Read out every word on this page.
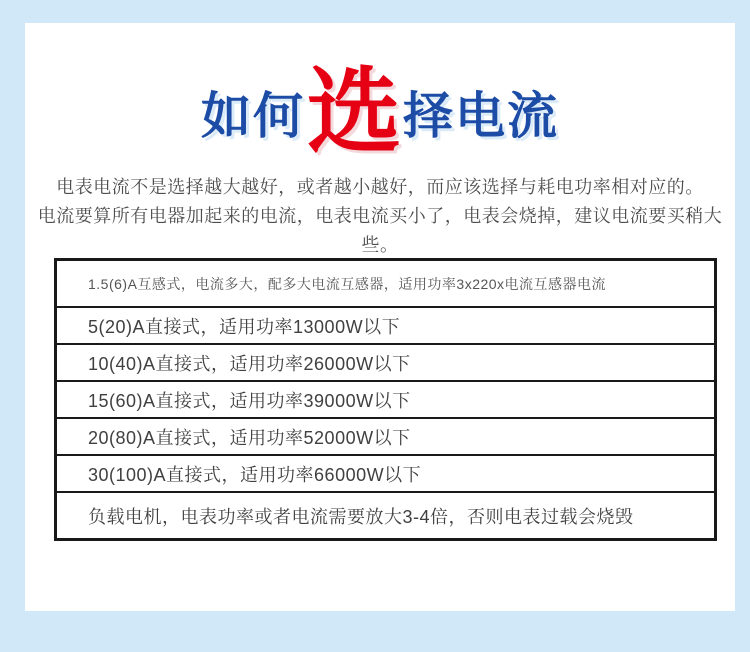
如何 选 择电流
电表电流不是选择越大越好，或者越小越好，而应该选择与耗电功率相对应的。
电流要算所有电器加起来的电流，电表电流买小了，电表会烧掉，建议电流要买稍大些。
1.5(6)A互感式，电流多大，配多大电流互感器，适用功率3x220x电流互感器电流
5(20)A直接式，适用功率13000W以下
10(40)A直接式，适用功率26000W以下
15(60)A直接式，适用功率39000W以下
20(80)A直接式，适用功率52000W以下
30(100)A直接式，适用功率66000W以下
负载电机，电表功率或者电流需要放大3-4倍，否则电表过载会烧毁
